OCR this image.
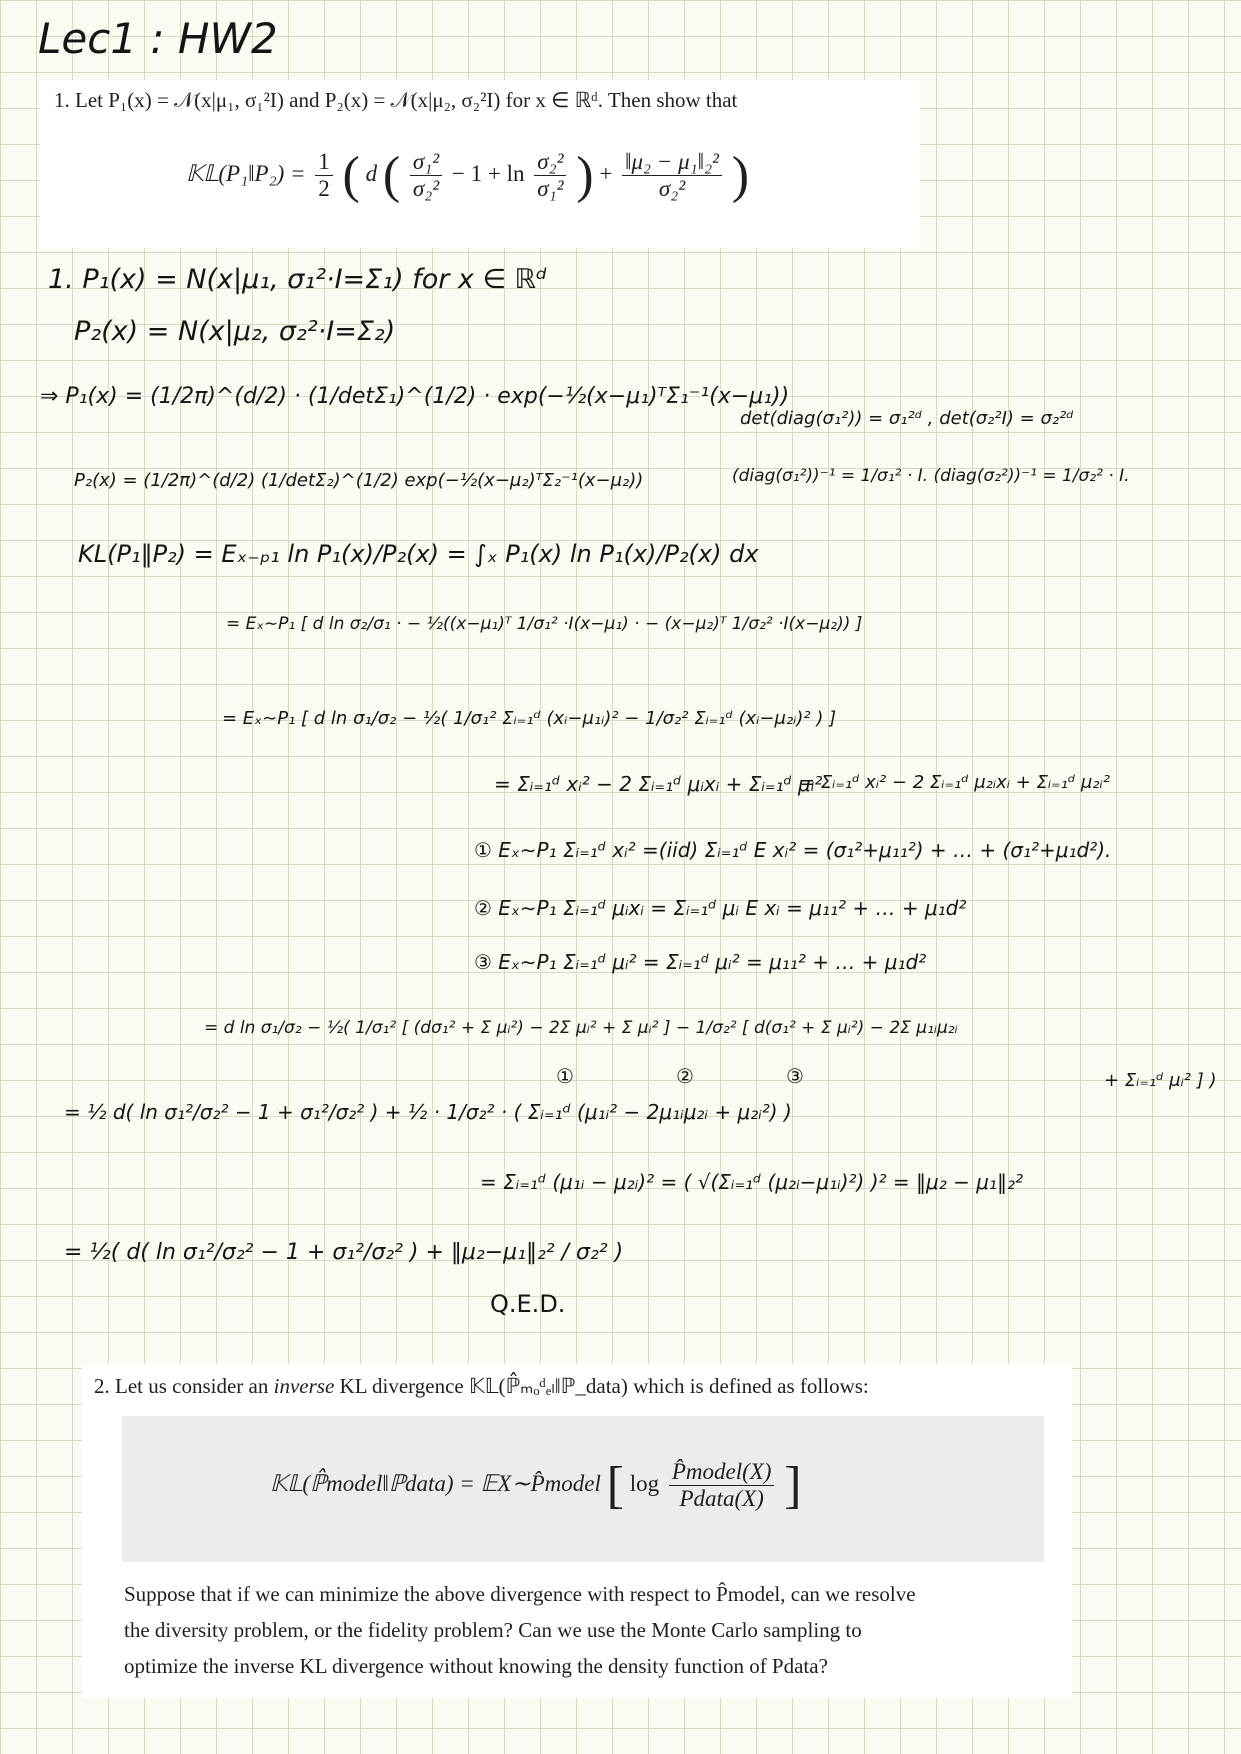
Lec1 : HW2
1. Let P₁(x) = 𝒩(x|μ₁, σ₁²I) and P₂(x) = 𝒩(x|μ₂, σ₂²I) for x ∈ ℝᵈ. Then show that
𝕂𝕃(P₁‖P₂) = $\frac{1}{2}$ ( d ( $\frac{\text{σ₁²}}{\text{σ₂²}} - 1 + \ln \frac{\text{σ₂²}}{\text{σ₁²}}$ ) + $\frac{\text{‖μ₂ − μ₁‖₂²}}{\text{σ₂²}}$ )
1. P₁(x) = N(x|μ₁, σ₁²·I=Σ₁) for x ∈ ℝᵈ
P₂(x) = N(x|μ₂, σ₂²·I=Σ₂)
⇒ P₁(x) = (1/2π)^(d/2) · (1/detΣ₁)^(1/2) · exp(−½(x−μ₁)ᵀΣ₁⁻¹(x−μ₁))
P₂(x) = (1/2π)^(d/2) (1/detΣ₂)^(1/2) exp(−½(x−μ₂)ᵀΣ₂⁻¹(x−μ₂))
det(diag(σ₁²)) = σ₁²ᵈ , det(σ₂²I) = σ₂²ᵈ
(diag(σ₁²))⁻¹ = 1/σ₁² · I. (diag(σ₂²))⁻¹ = 1/σ₂² · I.
KL(P₁‖P₂) = Eₓ₋ₚ₁ ln P₁(x)/P₂(x) = ∫ₓ P₁(x) ln P₁(x)/P₂(x) dx
= Eₓ∼P₁ [ d ln σ₂/σ₁ · − ½((x−μ₁)ᵀ 1/σ₁² ·I(x−μ₁) · − (x−μ₂)ᵀ 1/σ₂² ·I(x−μ₂)) ]
= Eₓ∼P₁ [ d ln σ₁/σ₂ − ½( 1/σ₁² Σᵢ₌₁ᵈ (xᵢ−μ₁ᵢ)² − 1/σ₂² Σᵢ₌₁ᵈ (xᵢ−μ₂ᵢ)² ) ]
= Σᵢ₌₁ᵈ xᵢ² − 2 Σᵢ₌₁ᵈ μᵢxᵢ + Σᵢ₌₁ᵈ μᵢ²
= Σᵢ₌₁ᵈ xᵢ² − 2 Σᵢ₌₁ᵈ μ₂ᵢxᵢ + Σᵢ₌₁ᵈ μ₂ᵢ²
① Eₓ∼P₁ Σᵢ₌₁ᵈ xᵢ² =(iid) Σᵢ₌₁ᵈ E xᵢ² = (σ₁²+μ₁₁²) + … + (σ₁²+μ₁d²).
② Eₓ∼P₁ Σᵢ₌₁ᵈ μᵢxᵢ = Σᵢ₌₁ᵈ μᵢ E xᵢ = μ₁₁² + … + μ₁d²
③ Eₓ∼P₁ Σᵢ₌₁ᵈ μᵢ² = Σᵢ₌₁ᵈ μᵢ² = μ₁₁² + … + μ₁d²
= d ln σ₁/σ₂ − ½( 1/σ₁² [ (dσ₁² + Σ μᵢ²) − 2Σ μᵢ² + Σ μᵢ² ] − 1/σ₂² [ d(σ₁² + Σ μᵢ²) − 2Σ μ₁ᵢμ₂ᵢ
+ Σᵢ₌₁ᵈ μᵢ² ] )
①	②	③
= ½ d( ln σ₁²/σ₂² − 1 + σ₁²/σ₂² ) + ½ · 1/σ₂² · ( Σᵢ₌₁ᵈ (μ₁ᵢ² − 2μ₁ᵢμ₂ᵢ + μ₂ᵢ²) )
= Σᵢ₌₁ᵈ (μ₁ᵢ − μ₂ᵢ)² = ( √(Σᵢ₌₁ᵈ (μ₂ᵢ−μ₁ᵢ)²) )² = ‖μ₂ − μ₁‖₂²
= ½( d( ln σ₁²/σ₂² − 1 + σ₁²/σ₂² ) + ‖μ₂−μ₁‖₂² / σ₂² )
Q.E.D.
2. Let us consider an inverse KL divergence 𝕂𝕃(ℙ̂ₘₒᵈₑₗ‖ℙ_data) which is defined as follows:
𝕂𝕃(ℙ̂model‖ℙdata) = 𝔼X∼P̂model [ $\log \frac{\text{P̂model(X)}}{\text{Pdata(X)}}$ ]
Suppose that if we can minimize the above divergence with respect to P̂model, can we resolve
the diversity problem, or the fidelity problem? Can we use the Monte Carlo sampling to
optimize the inverse KL divergence without knowing the density function of Pdata?
